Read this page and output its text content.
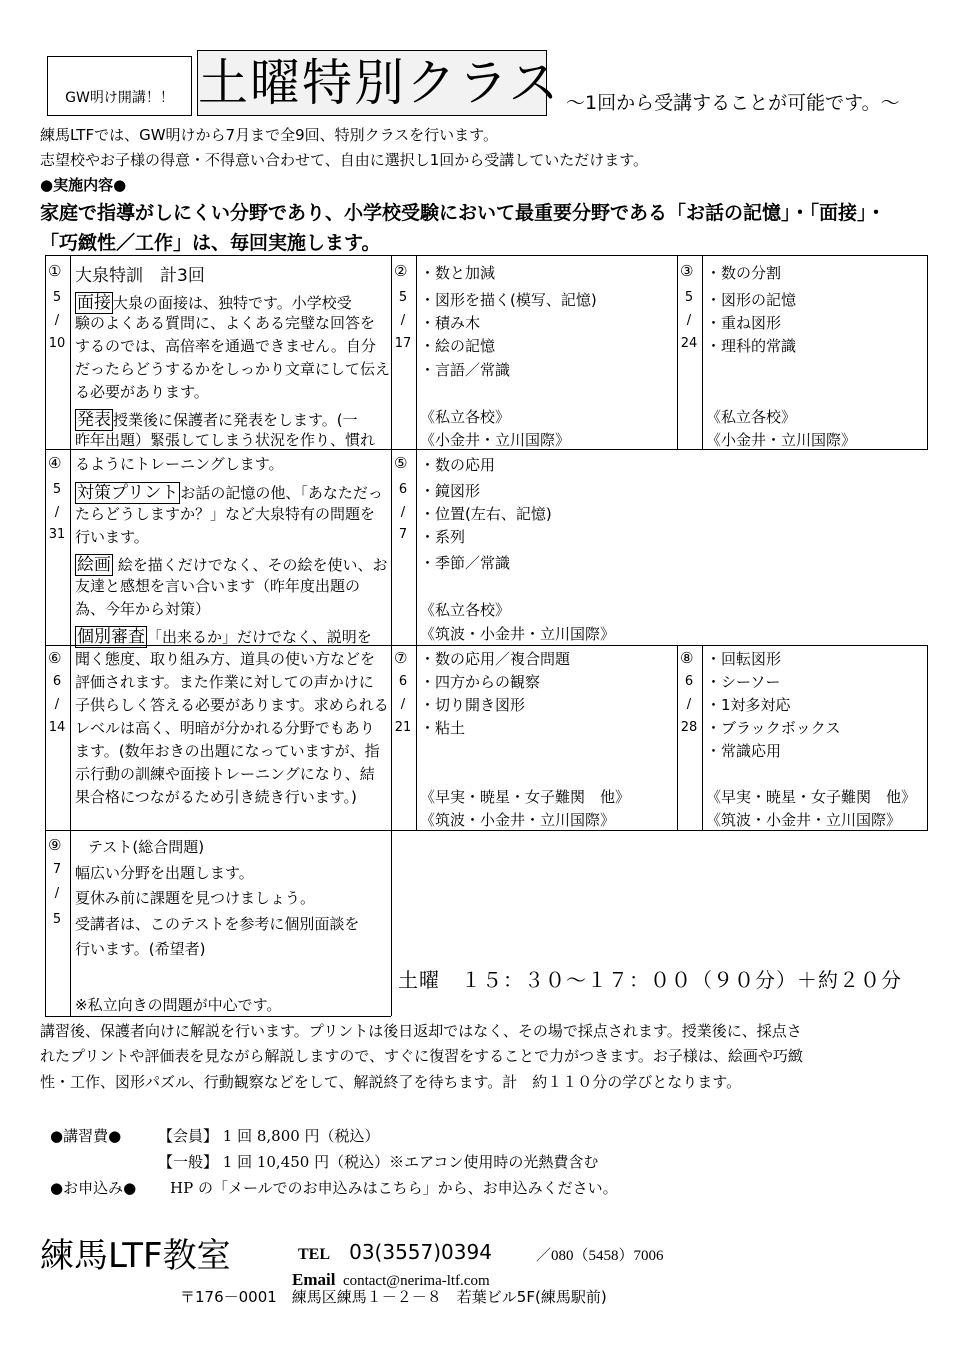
GW明け開講！！ 土曜特別クラス ～1回から受講することが可能です。～
練馬LTFでは、GW明けから7月まで全9回、特別クラスを行います。
志望校やお子様の得意・不得意い合わせて、自由に選択し1回から受講していただけます。
●実施内容●
家庭で指導がしにくい分野であり、小学校受験において最重要分野である「お話の記憶」・「面接」・
「巧緻性／工作」は、毎回実施します。
①
5
/
10
④
5
/
31
⑥
6
/
14
大泉特訓　計3回
面接 大泉の面接は、独特です。小学校受
験のよくある質問に、よくある完璧な回答を
するのでは、高倍率を通過できません。自分
だったらどうするかをしっかり文章にして伝え
る必要があります。
発表 授業後に保護者に発表をします。(一
昨年出題）緊張してしまう状況を作り、慣れ
るようにトレーニングします。
対策プリント お話の記憶の他、「あなただっ
たらどうしますか？」など大泉特有の問題を
行います。
絵画 絵を描くだけでなく、その絵を使い、お
友達と感想を言い合います（昨年度出題の
為、今年から対策）
個別審査 「出来るか」だけでなく、説明を
聞く態度、取り組み方、道具の使い方などを
評価されます。また作業に対しての声かけに
子供らしく答える必要があります。求められる
レベルは高く、明暗が分かれる分野でもあり
ます。(数年おきの出題になっていますが、指
示行動の訓練や面接トレーニングになり、結
果合格につながるため引き続き行います。)
②
5
/
17
・数と加減
・図形を描く(模写、記憶)
・積み木
・絵の記憶
・言語／常識
《私立各校》
《小金井・立川国際》
③
5
/
24
・数の分割
・図形の記憶
・重ね図形
・理科的常識
《私立各校》
《小金井・立川国際》
⑤
6
/
7
・数の応用
・鏡図形
・位置(左右、記憶)
・系列
・季節／常識
《私立各校》
《筑波・小金井・立川国際》
⑦
6
/
21
・数の応用／複合問題
・四方からの観察
・切り開き図形
・粘土
《早実・暁星・女子難関　他》
《筑波・小金井・立川国際》
⑧
6
/
28
・回転図形
・シーソー
・1対多対応
・ブラックボックス
・常識応用
《早実・暁星・女子難関　他》
《筑波・小金井・立川国際》
⑨
7
/
5
テスト(総合問題)
幅広い分野を出題します。
夏休み前に課題を見つけましょう。
受講者は、このテストを参考に個別面談を
行います。(希望者)
※私立向きの問題が中心です。
土曜　１５：３０～１７：００（９０分）＋約２０分
講習後、保護者向けに解説を行います。プリントは後日返却ではなく、その場で採点されます。授業後に、採点さ
れたプリントや評価表を見ながら解説しますので、すぐに復習をすることで力がつきます。お子様は、絵画や巧緻
性・工作、図形パズル、行動観察などをして、解説終了を待ちます。計　約１１０分の学びとなります。
●講習費● 【会員】 1 回 8,800 円（税込）
【一般】 1 回 10,450 円（税込）※エアコン使用時の光熱費含む
●お申込み● HP の「メールでのお申込みはこちら」から、お申込みください。
練馬LTF教室	TEL 03(3557)0394	／080（5458）7006
Email contact@nerima-ltf.com
〒176－0001　練馬区練馬１－２－８　若葉ビル5F(練馬駅前)
